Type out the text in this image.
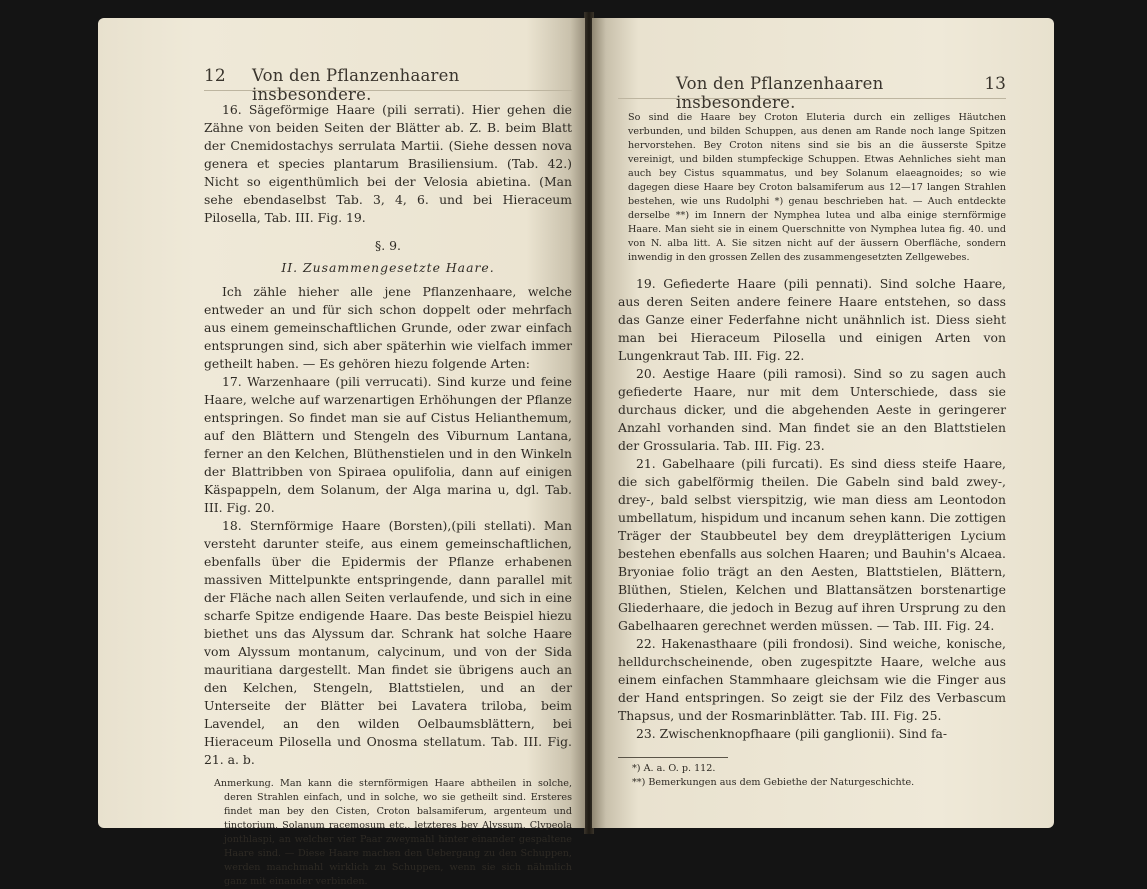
12 Von den Pflanzenhaaren insbesondere.

16. Sägeförmige Haare (pili serrati). Hier gehen die Zähne von beiden Seiten der Blätter ab. Z. B. beim Blatt der Cnemidostachys serrulata Martii. (Siehe dessen nova genera et species plantarum Brasiliensium. (Tab. 42.) Nicht so eigenthümlich bei der Velosia abietina. (Man sehe ebendaselbst Tab. 3, 4, 6. und bei Hieraceum Pilosella, Tab. III. Fig. 19.

§. 9.

II. Zusammengesetzte Haare.

Ich zähle hieher alle jene Pflanzenhaare, welche entweder an und für sich schon doppelt oder mehrfach aus einem gemeinschaftlichen Grunde, oder zwar einfach entsprungen sind, sich aber späterhin wie vielfach immer getheilt haben. — Es gehören hiezu folgende Arten:

17. Warzenhaare (pili verrucati). Sind kurze und feine Haare, welche auf warzenartigen Erhöhungen der Pflanze entspringen. So findet man sie auf Cistus Helianthemum, auf den Blättern und Stengeln des Viburnum Lantana, ferner an den Kelchen, Blüthenstielen und in den Winkeln der Blattribben von Spiraea opulifolia, dann auf einigen Käspappeln, dem Solanum, der Alga marina u, dgl. Tab. III. Fig. 20.

18. Sternförmige Haare (Borsten),(pili stellati). Man versteht darunter steife, aus einem gemeinschaftlichen, ebenfalls über die Epidermis der Pflanze erhabenen massiven Mittelpunkte entspringende, dann parallel mit der Fläche nach allen Seiten verlaufende, und sich in eine scharfe Spitze endigende Haare. Das beste Beispiel hiezu biethet uns das Alyssum dar. Schrank hat solche Haare vom Alyssum montanum, calycinum, und von der Sida mauritiana dargestellt. Man findet sie übrigens auch an den Kelchen, Stengeln, Blattstielen, und an der Unterseite der Blätter bei Lavatera triloba, beim Lavendel, an den wilden Oelbaumsblättern, bei Hieraceum Pilosella und Onosma stellatum. Tab. III. Fig. 21. a. b.

Anmerkung. Man kann die sternförmigen Haare abtheilen in solche, deren Strahlen einfach, und in solche, wo sie getheilt sind. Ersteres findet man bey den Cisten, Croton balsamiferum, argenteum und tinctorium, Solanum racemosum etc., letzteres bey Alyssum, Clypeola jonthlaspi, an welcher vier Paar zweymahl hinter einander gespaltene Haare sind. — Diese Haare machen den Uebergang zu den Schuppen, werden manchmahl wirklich zu Schuppen, wenn sie sich nähmlich ganz mit einander verbinden.

Von den Pflanzenhaaren insbesondere.
13

So sind die Haare bey Croton Eluteria durch ein zelliges Häutchen verbunden, und bilden Schuppen, aus denen am Rande noch lange Spitzen hervorstehen. Bey Croton nitens sind sie bis an die äusserste Spitze vereinigt, und bilden stumpfeckige Schuppen. Etwas Aehnliches sieht man auch bey Cistus squammatus, und bey Solanum elaeagnoides; so wie dagegen diese Haare bey Croton balsamiferum aus 12—17 langen Strahlen bestehen, wie uns Rudolphi *) genau beschrieben hat. — Auch entdeckte derselbe **) im Innern der Nymphea lutea und alba einige sternförmige Haare. Man sieht sie in einem Querschnitte von Nymphea lutea fig. 40. und von N. alba litt. A. Sie sitzen nicht auf der äussern Oberfläche, sondern inwendig in den grossen Zellen des zusammengesetzten Zellgewebes.

19. Gefiederte Haare (pili pennati). Sind solche Haare, aus deren Seiten andere feinere Haare entstehen, so dass das Ganze einer Federfahne nicht unähnlich ist. Diess sieht man bei Hieraceum Pilosella und einigen Arten von Lungenkraut Tab. III. Fig. 22.

20. Aestige Haare (pili ramosi). Sind so zu sagen auch gefiederte Haare, nur mit dem Unterschiede, dass sie durchaus dicker, und die abgehenden Aeste in geringerer Anzahl vorhanden sind. Man findet sie an den Blattstielen der Grossularia. Tab. III. Fig. 23.

21. Gabelhaare (pili furcati). Es sind diess steife Haare, die sich gabelförmig theilen. Die Gabeln sind bald zwey-, drey-, bald selbst vierspitzig, wie man diess am Leontodon umbellatum, hispidum und incanum sehen kann. Die zottigen Träger der Staubbeutel bey dem dreyplätterigen Lycium bestehen ebenfalls aus solchen Haaren; und Bauhin's Alcaea. Bryoniae folio trägt an den Aesten, Blattstielen, Blättern, Blüthen, Stielen, Kelchen und Blattansätzen borstenartige Gliederhaare, die jedoch in Bezug auf ihren Ursprung zu den Gabelhaaren gerechnet werden müssen. — Tab. III. Fig. 24.

22. Hakenasthaare (pili frondosi). Sind weiche, konische, helldurchscheinende, oben zugespitzte Haare, welche aus einem einfachen Stammhaare gleichsam wie die Finger aus der Hand entspringen. So zeigt sie der Filz des Verbascum Thapsus, und der Rosmarinblätter. Tab. III. Fig. 25.

23. Zwischenknopfhaare (pili ganglionii). Sind fa-

*) A. a. O. p. 112.

**) Bemerkungen aus dem Gebiethe der Naturgeschichte.
